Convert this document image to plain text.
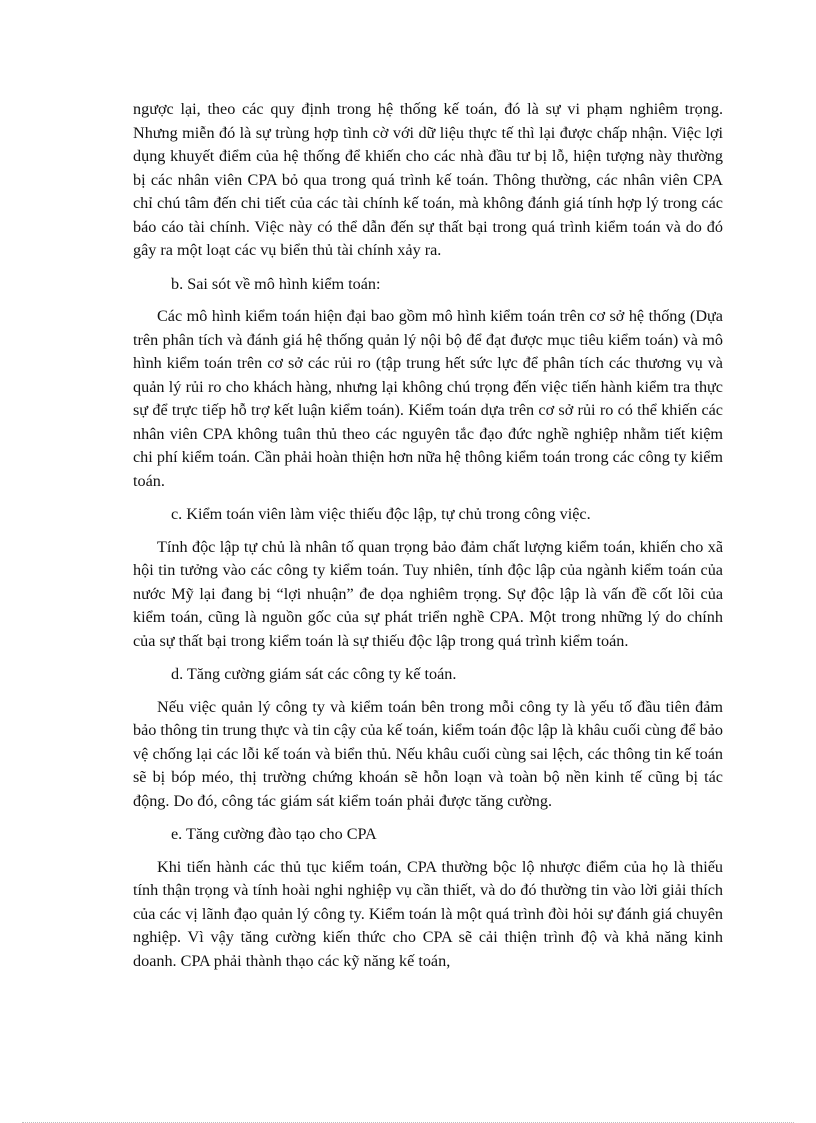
ngược lại, theo các quy định trong hệ thống kế toán, đó là sự vi phạm nghiêm trọng. Nhưng miễn đó là sự trùng hợp tình cờ với dữ liệu thực tế thì lại được chấp nhận. Việc lợi dụng khuyết điểm của hệ thống để khiến cho các nhà đầu tư bị lỗ, hiện tượng này thường bị các nhân viên CPA bỏ qua trong quá trình kế toán. Thông thường, các nhân viên CPA chỉ chú tâm đến chi tiết của các tài chính kế toán, mà không đánh giá tính hợp lý trong các báo cáo tài chính. Việc này có thể dẫn đến sự thất bại trong quá trình kiểm toán và do đó gây ra một loạt các vụ biển thủ tài chính xảy ra.

b. Sai sót về mô hình kiểm toán:

Các mô hình kiểm toán hiện đại bao gồm mô hình kiểm toán trên cơ sở hệ thống (Dựa trên phân tích và đánh giá hệ thống quản lý nội bộ để đạt được mục tiêu kiểm toán) và mô hình kiểm toán trên cơ sở các rủi ro (tập trung hết sức lực để phân tích các thương vụ và quản lý rủi ro cho khách hàng, nhưng lại không chú trọng đến việc tiến hành kiểm tra thực sự để trực tiếp hỗ trợ kết luận kiểm toán). Kiểm toán dựa trên cơ sở rủi ro có thể khiến các nhân viên CPA không tuân thủ theo các nguyên tắc đạo đức nghề nghiệp nhằm tiết kiệm chi phí kiểm toán. Cần phải hoàn thiện hơn nữa hệ thông kiểm toán trong các công ty kiểm toán.

c. Kiểm toán viên làm việc thiếu độc lập, tự chủ trong công việc.

Tính độc lập tự chủ là nhân tố quan trọng bảo đảm chất lượng kiểm toán, khiến cho xã hội tin tưởng vào các công ty kiểm toán. Tuy nhiên, tính độc lập của ngành kiểm toán của nước Mỹ lại đang bị “lợi nhuận” đe dọa nghiêm trọng. Sự độc lập là vấn đề cốt lõi của kiểm toán, cũng là nguồn gốc của sự phát triển nghề CPA. Một trong những lý do chính của sự thất bại trong kiểm toán là sự thiếu độc lập trong quá trình kiểm toán.

d. Tăng cường giám sát các công ty kế toán.

Nếu việc quản lý công ty và kiểm toán bên trong mỗi công ty là yếu tố đầu tiên đảm bảo thông tin trung thực và tin cậy của kế toán, kiểm toán độc lập là khâu cuối cùng để bảo vệ chống lại các lỗi kế toán và biển thủ. Nếu khâu cuối cùng sai lệch, các thông tin kế toán sẽ bị bóp méo, thị trường chứng khoán sẽ hỗn loạn và toàn bộ nền kinh tế cũng bị tác động. Do đó, công tác giám sát kiểm toán phải được tăng cường.

e. Tăng cường đào tạo cho CPA

Khi tiến hành các thủ tục kiểm toán, CPA thường bộc lộ nhược điểm của họ là thiếu tính thận trọng và tính hoài nghi nghiệp vụ cần thiết, và do đó thường tin vào lời giải thích của các vị lãnh đạo quản lý công ty. Kiểm toán là một quá trình đòi hỏi sự đánh giá chuyên nghiệp. Vì vậy tăng cường kiến thức cho CPA sẽ cải thiện trình độ và khả năng kinh doanh. CPA phải thành thạo các kỹ năng kế toán,
